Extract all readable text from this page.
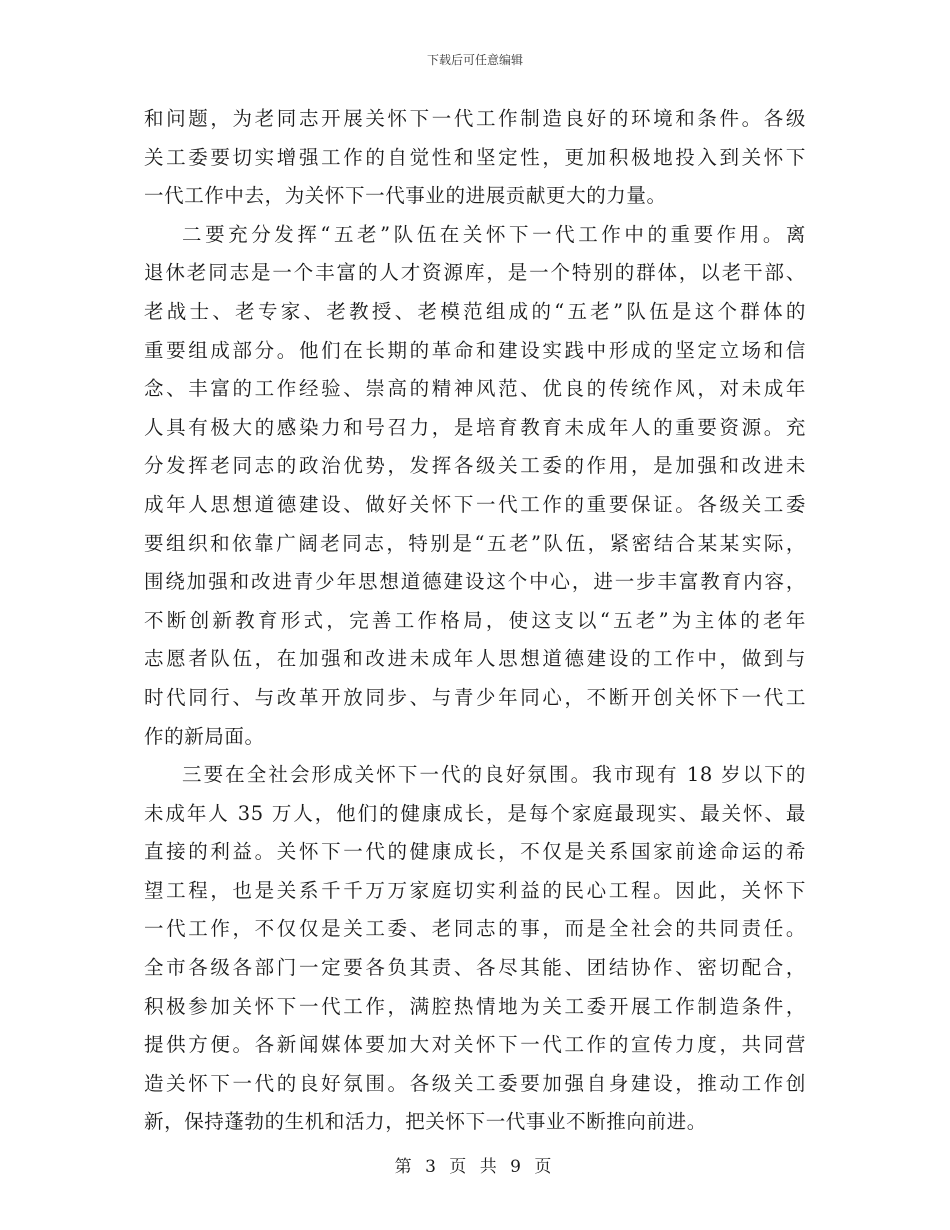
下载后可任意编辑
和问题，为老同志开展关怀下一代工作制造良好的环境和条件。各级
关工委要切实增强工作的自觉性和坚定性，更加积极地投入到关怀下
一代工作中去，为关怀下一代事业的进展贡献更大的力量。
二要充分发挥“五老”队伍在关怀下一代工作中的重要作用。离
退休老同志是一个丰富的人才资源库，是一个特别的群体，以老干部、
老战士、老专家、老教授、老模范组成的“五老”队伍是这个群体的
重要组成部分。他们在长期的革命和建设实践中形成的坚定立场和信
念、丰富的工作经验、崇高的精神风范、优良的传统作风，对未成年
人具有极大的感染力和号召力，是培育教育未成年人的重要资源。充
分发挥老同志的政治优势，发挥各级关工委的作用，是加强和改进未
成年人思想道德建设、做好关怀下一代工作的重要保证。各级关工委
要组织和依靠广阔老同志，特别是“五老”队伍，紧密结合某某实际，
围绕加强和改进青少年思想道德建设这个中心，进一步丰富教育内容，
不断创新教育形式，完善工作格局，使这支以“五老”为主体的老年
志愿者队伍，在加强和改进未成年人思想道德建设的工作中，做到与
时代同行、与改革开放同步、与青少年同心，不断开创关怀下一代工
作的新局面。
三要在全社会形成关怀下一代的良好氛围。我市现有 18 岁以下的
未成年人 35 万人，他们的健康成长，是每个家庭最现实、最关怀、最
直接的利益。关怀下一代的健康成长，不仅是关系国家前途命运的希
望工程，也是关系千千万万家庭切实利益的民心工程。因此，关怀下
一代工作，不仅仅是关工委、老同志的事，而是全社会的共同责任。
全市各级各部门一定要各负其责、各尽其能、团结协作、密切配合，
积极参加关怀下一代工作，满腔热情地为关工委开展工作制造条件，
提供方便。各新闻媒体要加大对关怀下一代工作的宣传力度，共同营
造关怀下一代的良好氛围。各级关工委要加强自身建设，推动工作创
新，保持蓬勃的生机和活力，把关怀下一代事业不断推向前进。
第 3 页 共 9 页
